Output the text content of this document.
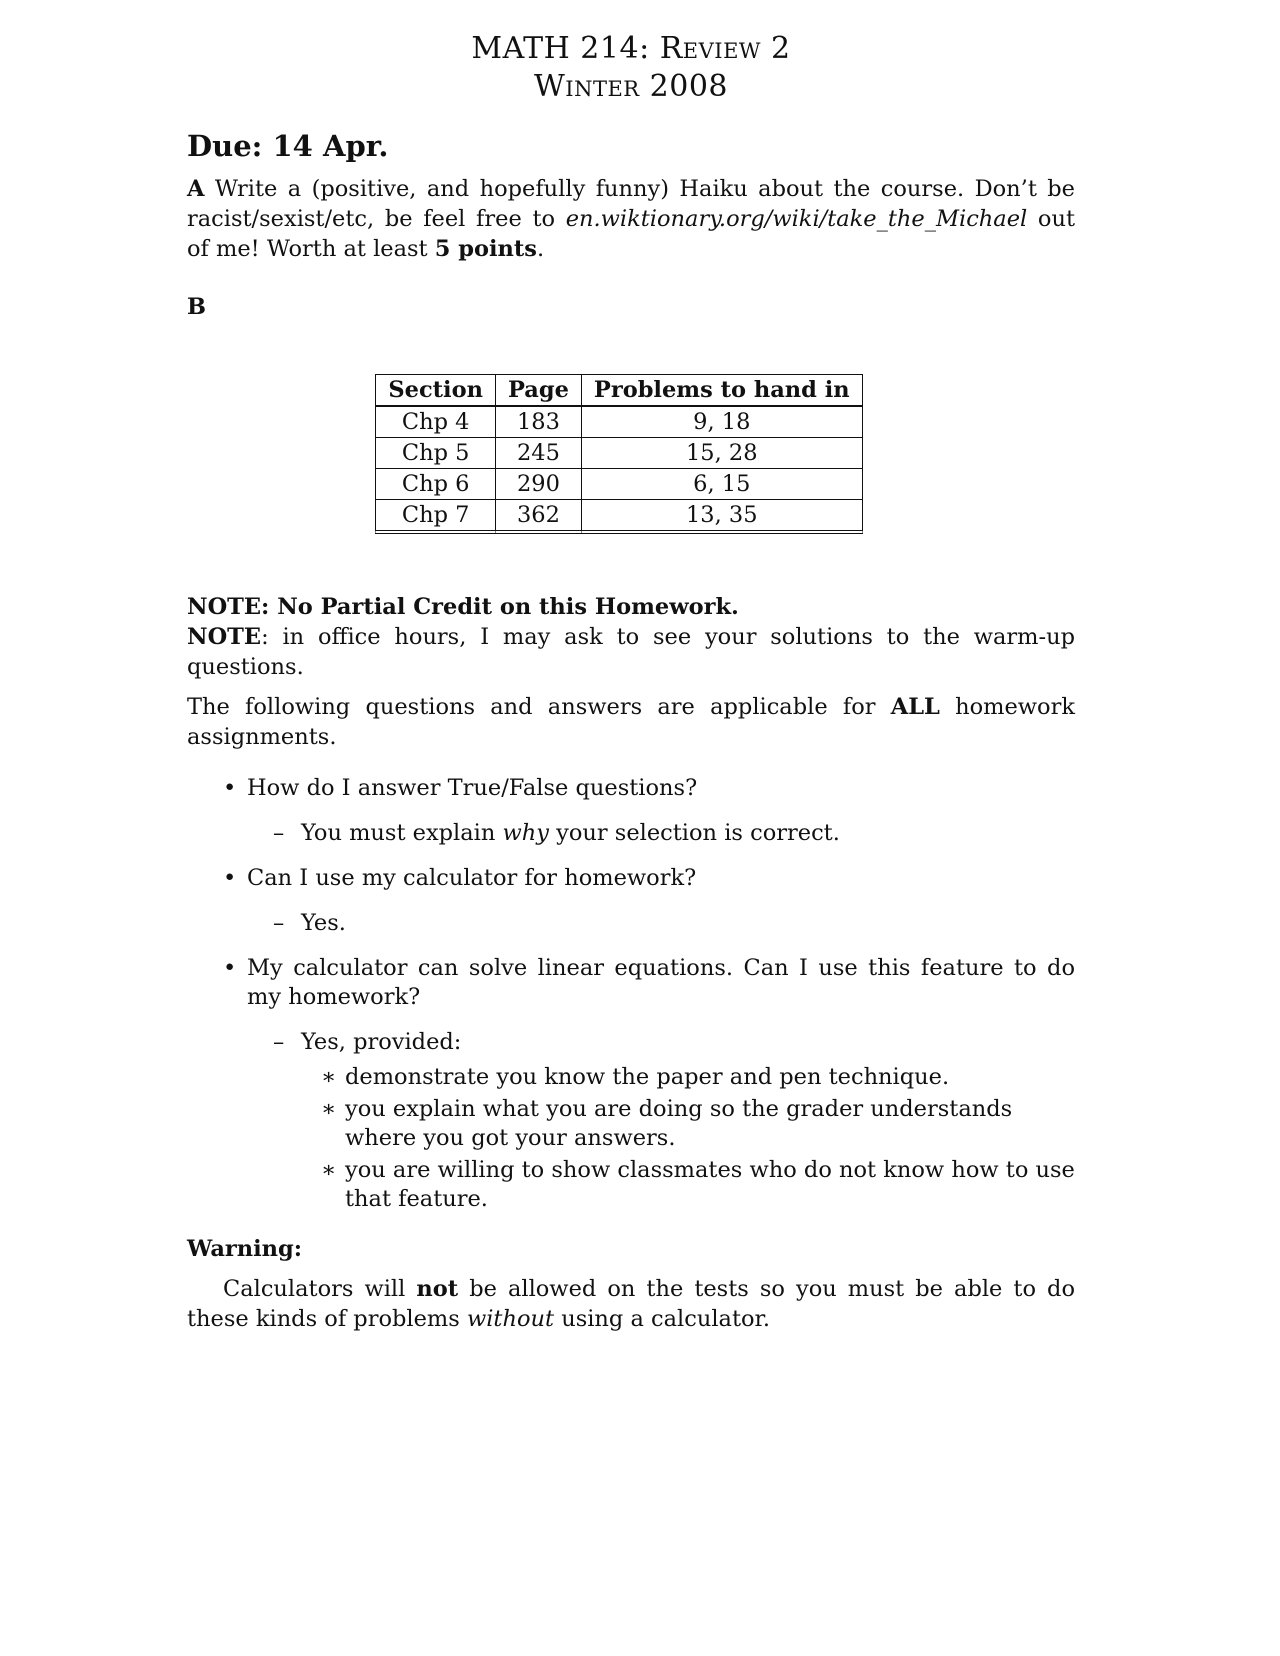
MATH 214: Review 2
Winter 2008
Due: 14 Apr.

A Write a (positive, and hopefully funny) Haiku about the course. Don’t be racist/sexist/etc, be feel free to en.wiktionary.org/wiki/take_the_Michael out of me! Worth at least 5 points.

B
Section	Page	Problems to hand in
Chp 4	183	9, 18
Chp 5	245	15, 28
Chp 6	290	6, 15
Chp 7	362	13, 35
NOTE: No Partial Credit on this Homework.

NOTE: in office hours, I may ask to see your solutions to the warm-up questions.

The following questions and answers are applicable for ALL homework assignments.

• How do I answer True/False questions?
– You must explain why your selection is correct.
• Can I use my calculator for homework?
– Yes.
• My calculator can solve linear equations. Can I use this feature to do my homework?
– Yes, provided:
∗ demonstrate you know the paper and pen technique.
∗ you explain what you are doing so the grader understands where you got your answers.
∗ you are willing to show classmates who do not know how to use that feature.
Warning:

Calculators will not be allowed on the tests so you must be able to do these kinds of problems without using a calculator.
